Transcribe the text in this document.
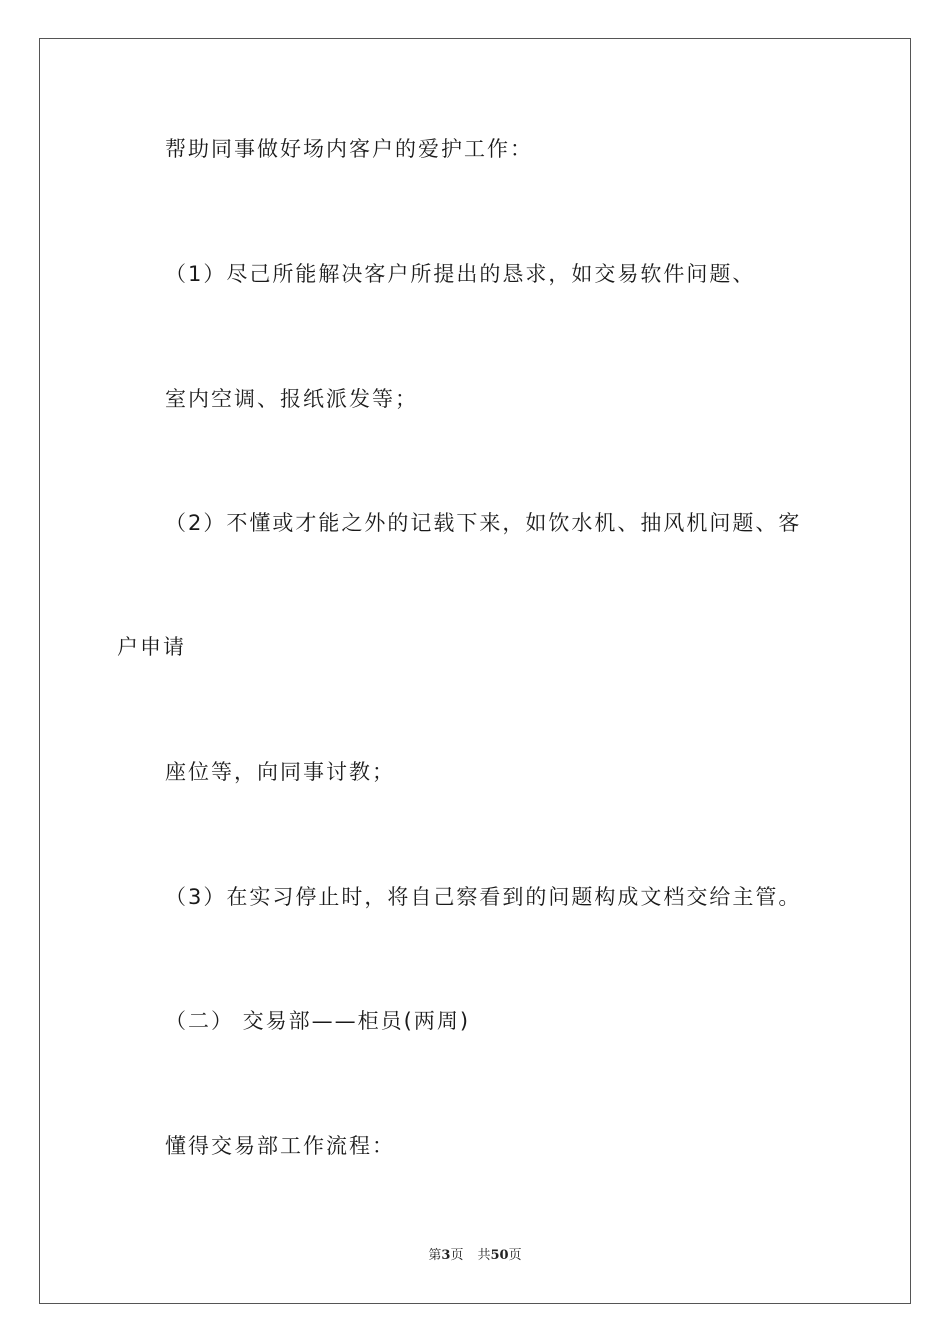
帮助同事做好场内客户的爱护工作：
（1）尽己所能解决客户所提出的恳求，如交易软件问题、
室内空调、报纸派发等；
（2）不懂或才能之外的记载下来，如饮水机、抽风机问题、客
户申请
座位等，向同事讨教；
（3）在实习停止时，将自己察看到的问题构成文档交给主管。
（二） 交易部——柜员(两周)
懂得交易部工作流程：
第3页 共50页
